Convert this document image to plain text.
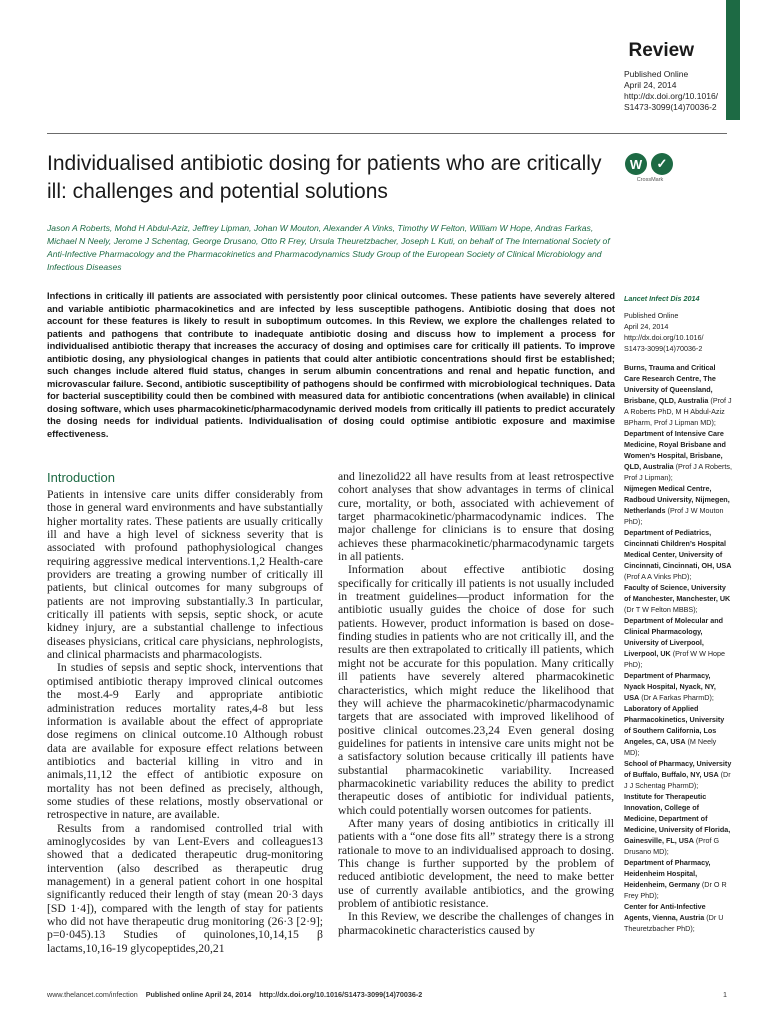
Review
Published Online
April 24, 2014
http://dx.doi.org/10.1016/
S1473-3099(14)70036-2
Individualised antibiotic dosing for patients who are critically ill: challenges and potential solutions
W	✓
CrossMark

Jason A Roberts, Mohd H Abdul-Aziz, Jeffrey Lipman, Johan W Mouton, Alexander A Vinks, Timothy W Felton, William W Hope, Andras Farkas, Michael N Neely, Jerome J Schentag, George Drusano, Otto R Frey, Ursula Theuretzbacher, Joseph L Kuti, on behalf of The International Society of Anti-Infective Pharmacology and the Pharmacokinetics and Pharmacodynamics Study Group of the European Society of Clinical Microbiology and Infectious Diseases

Infections in critically ill patients are associated with persistently poor clinical outcomes. These patients have severely altered and variable antibiotic pharmacokinetics and are infected by less susceptible pathogens. Antibiotic dosing that does not account for these features is likely to result in suboptimum outcomes. In this Review, we explore the challenges related to patients and pathogens that contribute to inadequate antibiotic dosing and discuss how to implement a process for individualised antibiotic therapy that increases the accuracy of dosing and optimises care for critically ill patients. To improve antibiotic dosing, any physiological changes in patients that could alter antibiotic concentrations should first be established; such changes include altered fluid status, changes in serum albumin concentrations and renal and hepatic function, and microvascular failure. Second, antibiotic susceptibility of pathogens should be confirmed with microbiological techniques. Data for bacterial susceptibility could then be combined with measured data for antibiotic concentrations (when available) in clinical dosing software, which uses pharmacokinetic/pharmacodynamic derived models from critically ill patients to predict accurately the dosing needs for individual patients. Individualisation of dosing could optimise antibiotic exposure and maximise effectiveness.

Introduction

Patients in intensive care units differ considerably from those in general ward environments and have substantially higher mortality rates. These patients are usually critically ill and have a high level of sickness severity that is associated with profound pathophysiological changes requiring aggressive medical interventions.1,2 Health-care providers are treating a growing number of critically ill patients, but clinical outcomes for many subgroups of patients are not improving substantially.3 In particular, critically ill patients with sepsis, septic shock, or acute kidney injury, are a substantial challenge to infectious diseases physicians, critical care physicians, nephrologists, and clinical pharmacists and pharmacologists.

In studies of sepsis and septic shock, interventions that optimised antibiotic therapy improved clinical outcomes the most.4-9 Early and appropriate antibiotic administration reduces mortality rates,4-8 but less information is available about the effect of appropriate dose regimens on clinical outcome.10 Although robust data are available for exposure effect relations between antibiotics and bacterial killing in vitro and in animals,11,12 the effect of antibiotic exposure on mortality has not been defined as precisely, although, some studies of these relations, mostly observational or retrospective in nature, are available.

Results from a randomised controlled trial with aminoglycosides by van Lent-Evers and colleagues13 showed that a dedicated therapeutic drug-monitoring intervention (also described as therapeutic drug management) in a general patient cohort in one hospital significantly reduced their length of stay (mean 20·3 days [SD 1·4]), compared with the length of stay for patients who did not have therapeutic drug monitoring (26·3 [2·9]; p=0·045).13 Studies of quinolones,10,14,15 β lactams,10,16-19 glycopeptides,20,21

and linezolid22 all have results from at least retrospective cohort analyses that show advantages in terms of clinical cure, mortality, or both, associated with achievement of target pharmacokinetic/pharmacodynamic indices. The major challenge for clinicians is to ensure that dosing achieves these pharmacokinetic/pharmacodynamic targets in all patients.

Information about effective antibiotic dosing specifically for critically ill patients is not usually included in treatment guidelines—product information for the antibiotic usually guides the choice of dose for such patients. However, product information is based on dose-finding studies in patients who are not critically ill, and the results are then extrapolated to critically ill patients, which might not be accurate for this population. Many critically ill patients have severely altered pharmacokinetic characteristics, which might reduce the likelihood that they will achieve the pharmacokinetic/pharmacodynamic targets that are associated with improved likelihood of positive clinical outcomes.23,24 Even general dosing guidelines for patients in intensive care units might not be a satisfactory solution because critically ill patients have substantial pharmacokinetic variability. Increased pharmacokinetic variability reduces the ability to predict therapeutic doses of antibiotic for individual patients, which could potentially worsen outcomes for patients.

After many years of dosing antibiotics in critically ill patients with a “one dose fits all” strategy there is a strong rationale to move to an individualised approach to dosing. This change is further supported by the problem of reduced antibiotic development, the need to make better use of currently available antibiotics, and the growing problem of antibiotic resistance.

In this Review, we describe the challenges of changes in pharmacokinetic characteristics caused by

Lancet Infect Dis 2014
Published Online
April 24, 2014
http://dx.doi.org/10.1016/
S1473-3099(14)70036-2
Burns, Trauma and Critical Care Research Centre, The University of Queensland, Brisbane, QLD, Australia (Prof J A Roberts PhD, M H Abdul-Aziz BPharm, Prof J Lipman MD);
Department of Intensive Care Medicine, Royal Brisbane and Women’s Hospital, Brisbane, QLD, Australia (Prof J A Roberts, Prof J Lipman);
Nijmegen Medical Centre, Radboud University, Nijmegen, Netherlands (Prof J W Mouton PhD);
Department of Pediatrics, Cincinnati Children’s Hospital Medical Center, University of Cincinnati, Cincinnati, OH, USA (Prof A A Vinks PhD);
Faculty of Science, University of Manchester, Manchester, UK (Dr T W Felton MBBS);
Department of Molecular and Clinical Pharmacology, University of Liverpool, Liverpool, UK (Prof W W Hope PhD);
Department of Pharmacy, Nyack Hospital, Nyack, NY, USA (Dr A Farkas PharmD);
Laboratory of Applied Pharmacokinetics, University of Southern California, Los Angeles, CA, USA (M Neely MD);
School of Pharmacy, University of Buffalo, Buffalo, NY, USA (Dr J J Schentag PharmD);
Institute for Therapeutic Innovation, College of Medicine, Department of Medicine, University of Florida, Gainesville, FL, USA (Prof G Drusano MD);
Department of Pharmacy, Heidenheim Hospital, Heidenheim, Germany (Dr O R Frey PhD);
Center for Anti-Infective Agents, Vienna, Austria (Dr U Theuretzbacher PhD);
www.thelancet.com/infection Published online April 24, 2014 http://dx.doi.org/10.1016/S1473-3099(14)70036-2	1
